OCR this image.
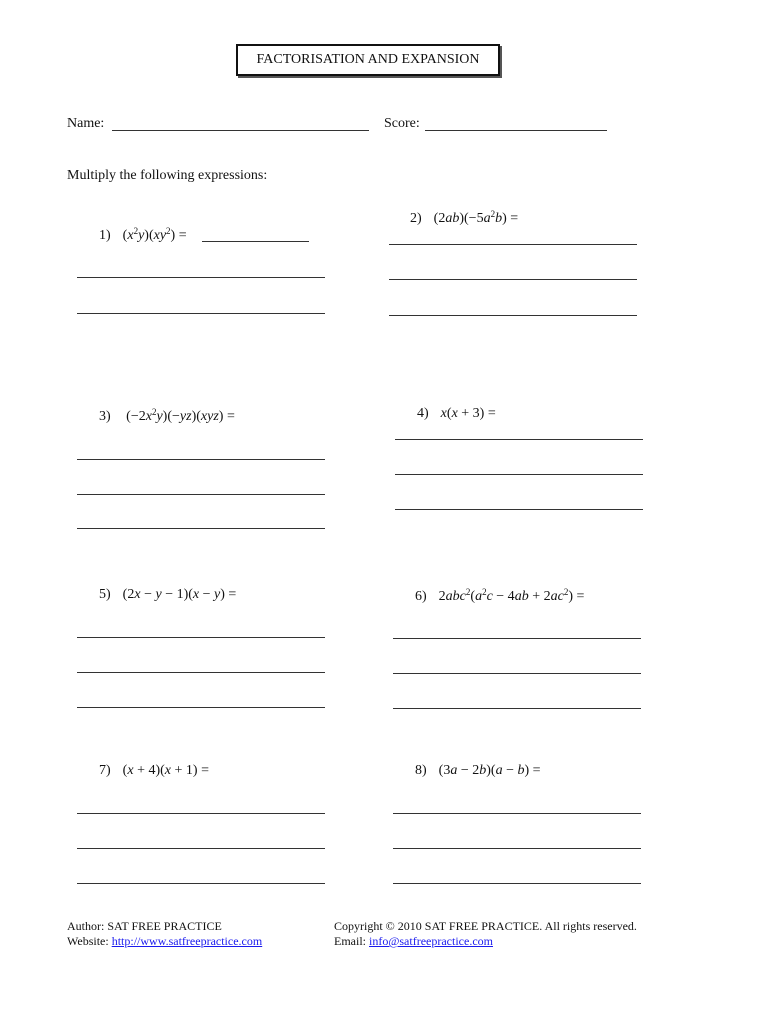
FACTORISATION AND EXPANSION
Name:	Score:
Multiply the following expressions:
1) $(x^2y)(xy^2)$ =
2) $(2ab)(-5a^2b)$ =
3) $(-2x^2y)(-yz)(xyz)$ =	4) x(x + 3) =
5) (2x − y − 1)(x − y) =	6) $2abc^2(a^2c - 4ab + 2ac^2)$ =
7) (x + 4)(x + 1) =	8) (3a − 2b)(a − b) =
Author: SAT FREE PRACTICE
Website: http://www.satfreepractice.com
Copyright © 2010 SAT FREE PRACTICE. All rights reserved.
Email: info@satfreepractice.com
